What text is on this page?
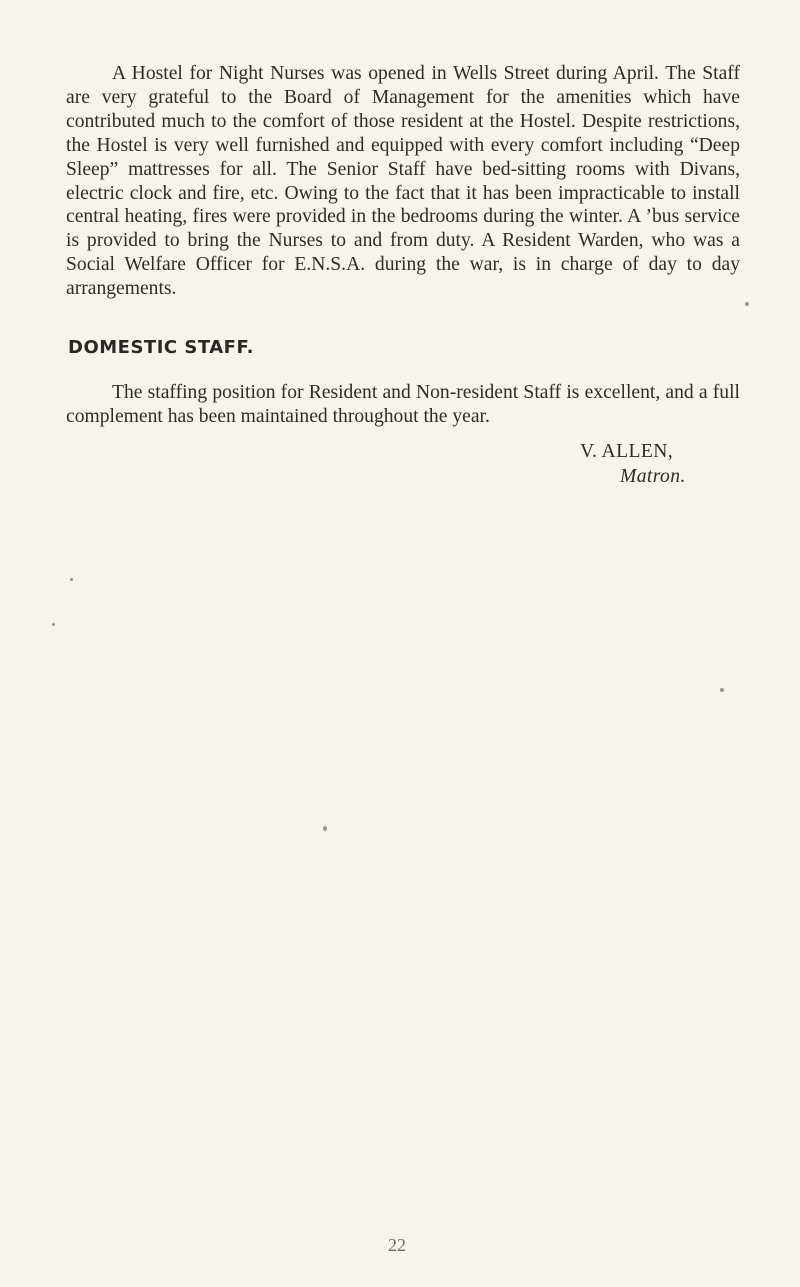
A Hostel for Night Nurses was opened in Wells Street during April. The Staff are very grateful to the Board of Management for the amenities which have contributed much to the comfort of those resident at the Hostel. Despite restrictions, the Hostel is very well furnished and equipped with every comfort including “Deep Sleep” mattresses for all. The Senior Staff have bed-sitting rooms with Divans, electric clock and fire, etc. Owing to the fact that it has been impracticable to install central heating, fires were provided in the bedrooms during the winter. A ’bus service is provided to bring the Nurses to and from duty. A Resident Warden, who was a Social Welfare Officer for E.N.S.A. during the war, is in charge of day to day arrangements.

DOMESTIC STAFF.

The staffing position for Resident and Non-resident Staff is excellent, and a full complement has been maintained throughout the year.

V. ALLEN,
Matron.
22
